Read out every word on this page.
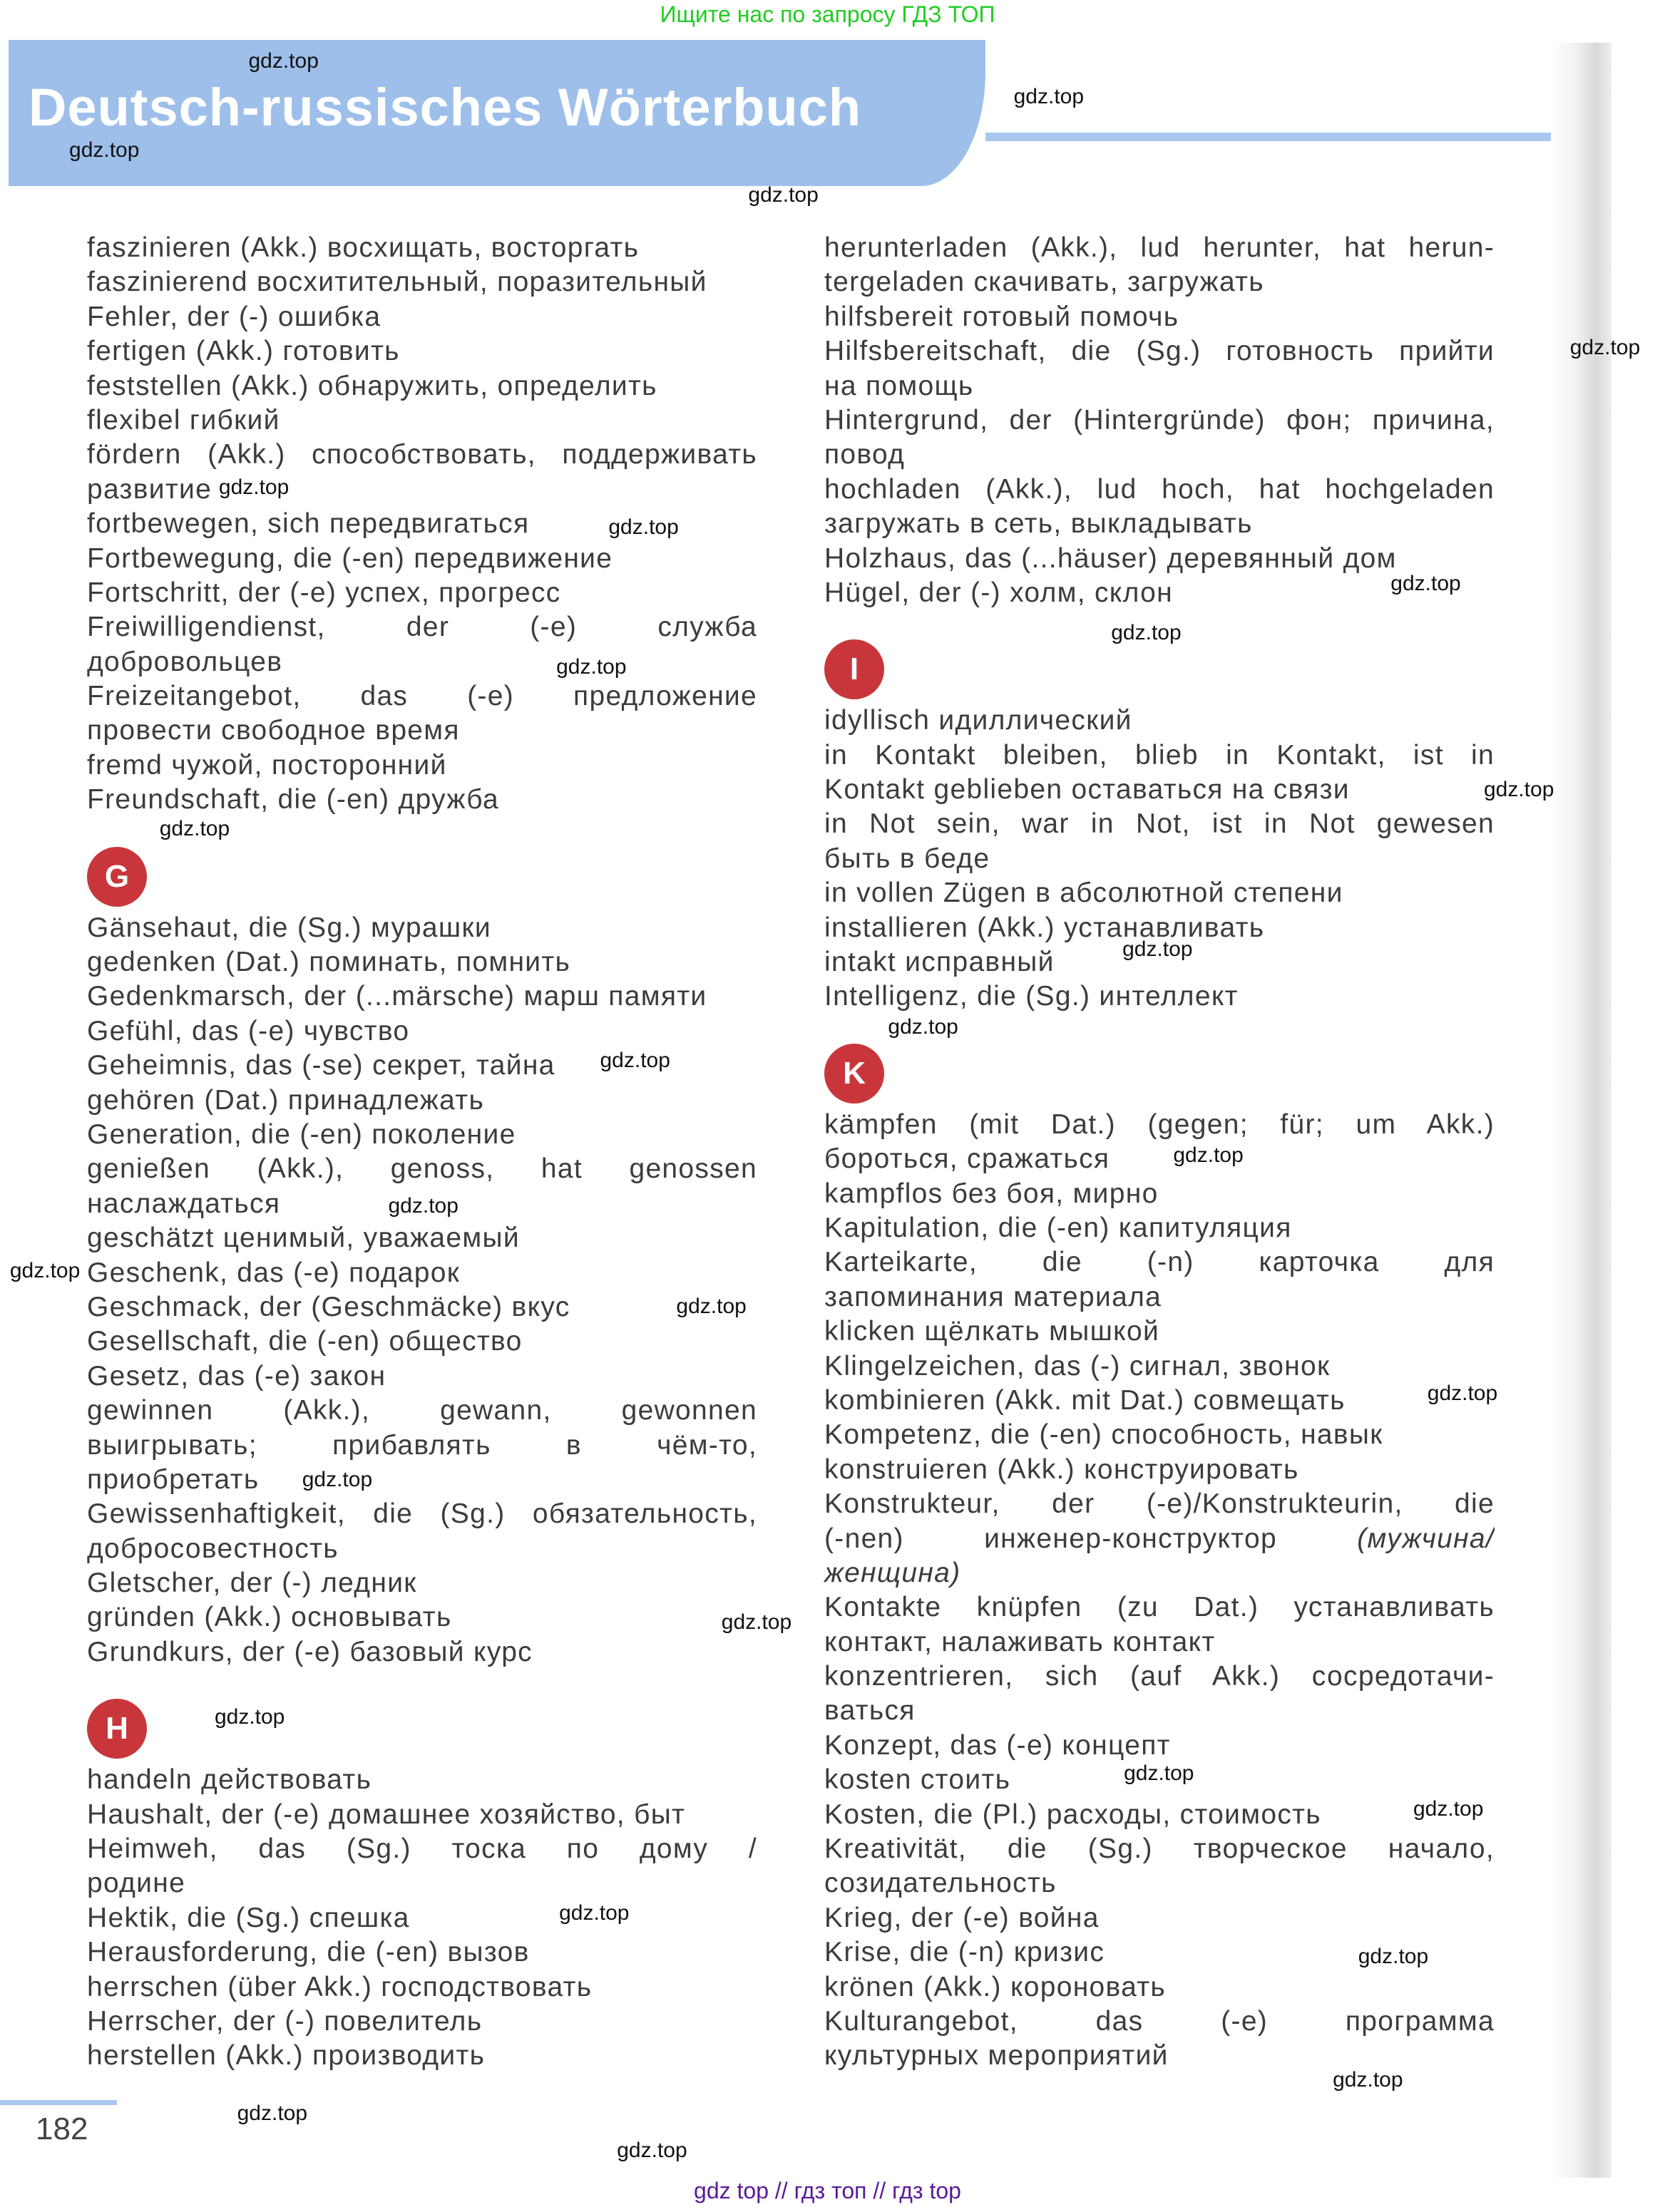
Ищите нас по запросу ГДЗ ТОП
Deutsch-russisches Wörterbuch
faszinieren (Akk.) восхищать, восторгать
faszinierend восхитительный, поразительный
Fehler, der (-) ошибка
fertigen (Akk.) готовить
feststellen (Akk.) обнаружить, определить
flexibel гибкий
fördern (Akk.) способствовать, поддерживать
развитие
fortbewegen, sich передвигаться
Fortbewegung, die (-en) передвижение
Fortschritt, der (-e) успех, прогресс
Freiwilligendienst, der (-e) служба
добровольцев
Freizeitangebot, das (-e) предложение
провести свободное время
fremd чужой, посторонний
Freundschaft, die (-en) дружба
G
Gänsehaut, die (Sg.) мурашки
gedenken (Dat.) поминать, помнить
Gedenkmarsch, der (...märsche) марш памяти
Gefühl, das (-e) чувство
Geheimnis, das (-se) секрет, тайна
gehören (Dat.) принадлежать
Generation, die (-en) поколение
genießen (Akk.), genoss, hat genossen
наслаждаться
geschätzt ценимый, уважаемый
Geschenk, das (-e) подарок
Geschmack, der (Geschmäcke) вкус
Gesellschaft, die (-en) общество
Gesetz, das (-e) закон
gewinnen (Akk.), gewann, gewonnen
выигрывать; прибавлять в чём-то,
приобретать
Gewissenhaftigkeit, die (Sg.) обязательность,
добросовестность
Gletscher, der (-) ледник
gründen (Akk.) основывать
Grundkurs, der (-e) базовый курс
H
handeln действовать
Haushalt, der (-e) домашнее хозяйство, быт
Heimweh, das (Sg.) тоска по дому /
родине
Hektik, die (Sg.) спешка
Herausforderung, die (-en) вызов
herrschen (über Akk.) господствовать
Herrscher, der (-) повелитель
herstellen (Akk.) производить
herunterladen (Akk.), lud herunter, hat herun-
tergeladen скачивать, загружать
hilfsbereit готовый помочь
Hilfsbereitschaft, die (Sg.) готовность прийти
на помощь
Hintergrund, der (Hintergründe) фон; причина,
повод
hochladen (Akk.), lud hoch, hat hochgeladen
загружать в сеть, выкладывать
Holzhaus, das (...häuser) деревянный дом
Hügel, der (-) холм, склон
I
idyllisch идиллический
in Kontakt bleiben, blieb in Kontakt, ist in
Kontakt geblieben оставаться на связи
in Not sein, war in Not, ist in Not gewesen
быть в беде
in vollen Zügen в абсолютной степени
installieren (Akk.) устанавливать
intakt исправный
Intelligenz, die (Sg.) интеллект
K
kämpfen (mit Dat.) (gegen; für; um Akk.)
бороться, сражаться
kampflos без боя, мирно
Kapitulation, die (-en) капитуляция
Karteikarte, die (-n) карточка для
запоминания материала
klicken щёлкать мышкой
Klingelzeichen, das (-) сигнал, звонок
kombinieren (Akk. mit Dat.) совмещать
Kompetenz, die (-en) способность, навык
konstruieren (Akk.) конструировать
Konstrukteur, der (-e)/Konstrukteurin, die
(-nen) инженер-конструктор (мужчина/
женщина)
Kontakte knüpfen (zu Dat.) устанавливать
контакт, налаживать контакт
konzentrieren, sich (auf Akk.) сосредотачи-
ваться
Konzept, das (-e) концепт
kosten стоить
Kosten, die (Pl.) расходы, стоимость
Kreativität, die (Sg.) творческое начало,
созидательность
Krieg, der (-e) война
Krise, die (-n) кризис
krönen (Akk.) короновать
Kulturangebot, das (-e) программа
культурных мероприятий
182
gdz.top
gdz.top
gdz.top
gdz.top
gdz.top
gdz.top
gdz.top
gdz.top
gdz.top
gdz.top
gdz.top
gdz.top
gdz.top
gdz.top
gdz.top
gdz.top
gdz.top
gdz.top
gdz.top
gdz.top
gdz.top
gdz.top
gdz.top
gdz.top
gdz.top
gdz.top
gdz.top
gdz.top
gdz.top
gdz.top
gdz top // гдз топ // гдз top
